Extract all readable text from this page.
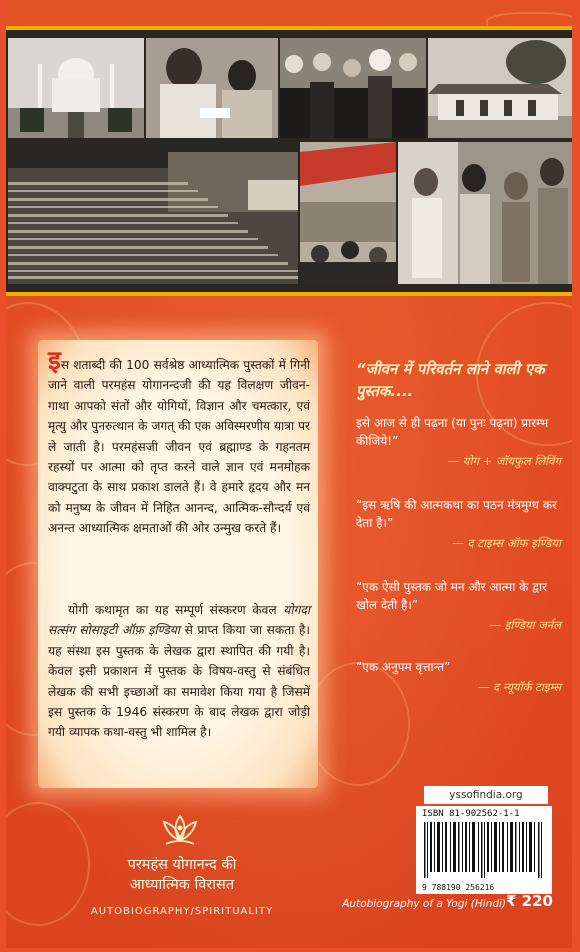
इस शताब्दी की 100 सर्वश्रेष्ठ आध्यात्मिक पुस्तकों में गिनी जाने वाली परमहंस योगानन्दजी की यह विलक्षण जीवन-गाथा आपको संतों और योगियों, विज्ञान और चमत्कार, एवं मृत्यु और पुनरुत्थान के जगत् की एक अविस्मरणीय यात्रा पर ले जाती है। परमहंसजी जीवन एवं ब्रह्माण्ड के गहनतम रहस्यों पर आत्मा को तृप्त करने वाले ज्ञान एवं मनमोहक वाक्पटुता के साथ प्रकाश डालते हैं। वे हमारे हृदय और मन को मनुष्य के जीवन में निहित आनन्द, आत्मिक-सौन्दर्य एवं अनन्त आध्यात्मिक क्षमताओं की ओर उन्मुख करते हैं।

योगी कथामृत का यह सम्पूर्ण संस्करण केवल योगदा सत्संग सोसाइटी ऑफ़ इण्डिया से प्राप्त किया जा सकता है। यह संस्था इस पुस्तक के लेखक द्वारा स्थापित की गयी है। केवल इसी प्रकाशन में पुस्तक के विषय-वस्तु से संबंधित लेखक की सभी इच्छाओं का समावेश किया गया है जिसमें इस पुस्तक के 1946 संस्करण के बाद लेखक द्वारा जोड़ी गयी व्यापक कथा-वस्तु भी शामिल है।

“जीवन में परिवर्तन लाने वाली एक पुस्तक....

इसे आज से ही पढ़ना (या पुनः पढ़ना) प्रारम्भ कीजिये!”

— योग + जॉयफुल लिविंग

“इस ऋषि की आत्मकथा का पठन मंत्रमुग्ध कर देता है।”

— द टाइम्स ऑफ़ इण्डिया

“एक ऐसी पुस्तक जो मन और आत्मा के द्वार खोल देती है।”

— इण्डिया जर्नल

“एक अनुपम वृत्तान्त”

— द न्यूयॉर्क टाइम्स

परमहंस योगानन्द की
आध्यात्मिक विरासत
AUTOBIOGRAPHY/SPIRITUALITY
yssofindia.org
ISBN 81-902562-1-1
9 788190 256216
Autobiography of a Yogi (Hindi) ₹ 220
